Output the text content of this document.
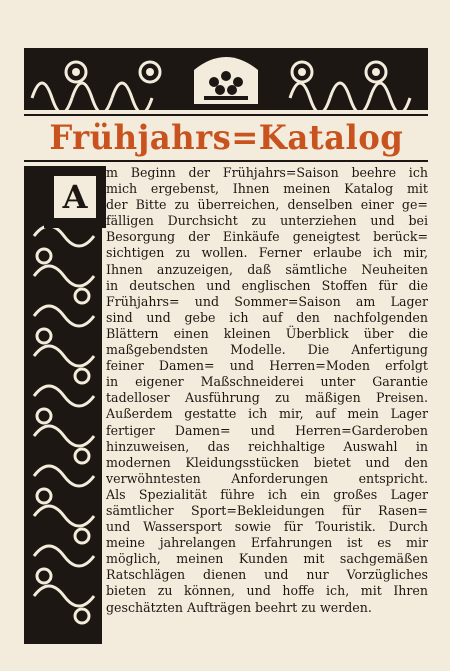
Frühjahrs=Katalog
A
m Beginn der Frühjahrs=Saison beehre ich
mich ergebenst, Ihnen meinen Katalog mit
der Bitte zu überreichen, denselben einer ge=
fälligen Durchsicht zu unterziehen und bei
Besorgung der Einkäufe geneigtest berück=
sichtigen zu wollen. Ferner erlaube ich mir,
Ihnen anzuzeigen, daß sämtliche Neuheiten
in deutschen und englischen Stoffen für die
Frühjahrs= und Sommer=Saison am Lager
sind und gebe ich auf den nachfolgenden
Blättern einen kleinen Überblick über die
maßgebendsten Modelle. Die Anfertigung
feiner Damen= und Herren=Moden erfolgt
in eigener Maßschneiderei unter Garantie
tadelloser Ausführung zu mäßigen Preisen.
Außerdem gestatte ich mir, auf mein Lager
fertiger Damen= und Herren=Garderoben
hinzuweisen, das reichhaltige Auswahl in
modernen Kleidungsstücken bietet und den
verwöhntesten Anforderungen entspricht.
Als Spezialität führe ich ein großes Lager
sämtlicher Sport=Bekleidungen für Rasen=
und Wassersport sowie für Touristik. Durch
meine jahrelangen Erfahrungen ist es mir
möglich, meinen Kunden mit sachgemäßen
Ratschlägen dienen und nur Vorzügliches
bieten zu können, und hoffe ich, mit Ihren
geschätzten Aufträgen beehrt zu werden.
